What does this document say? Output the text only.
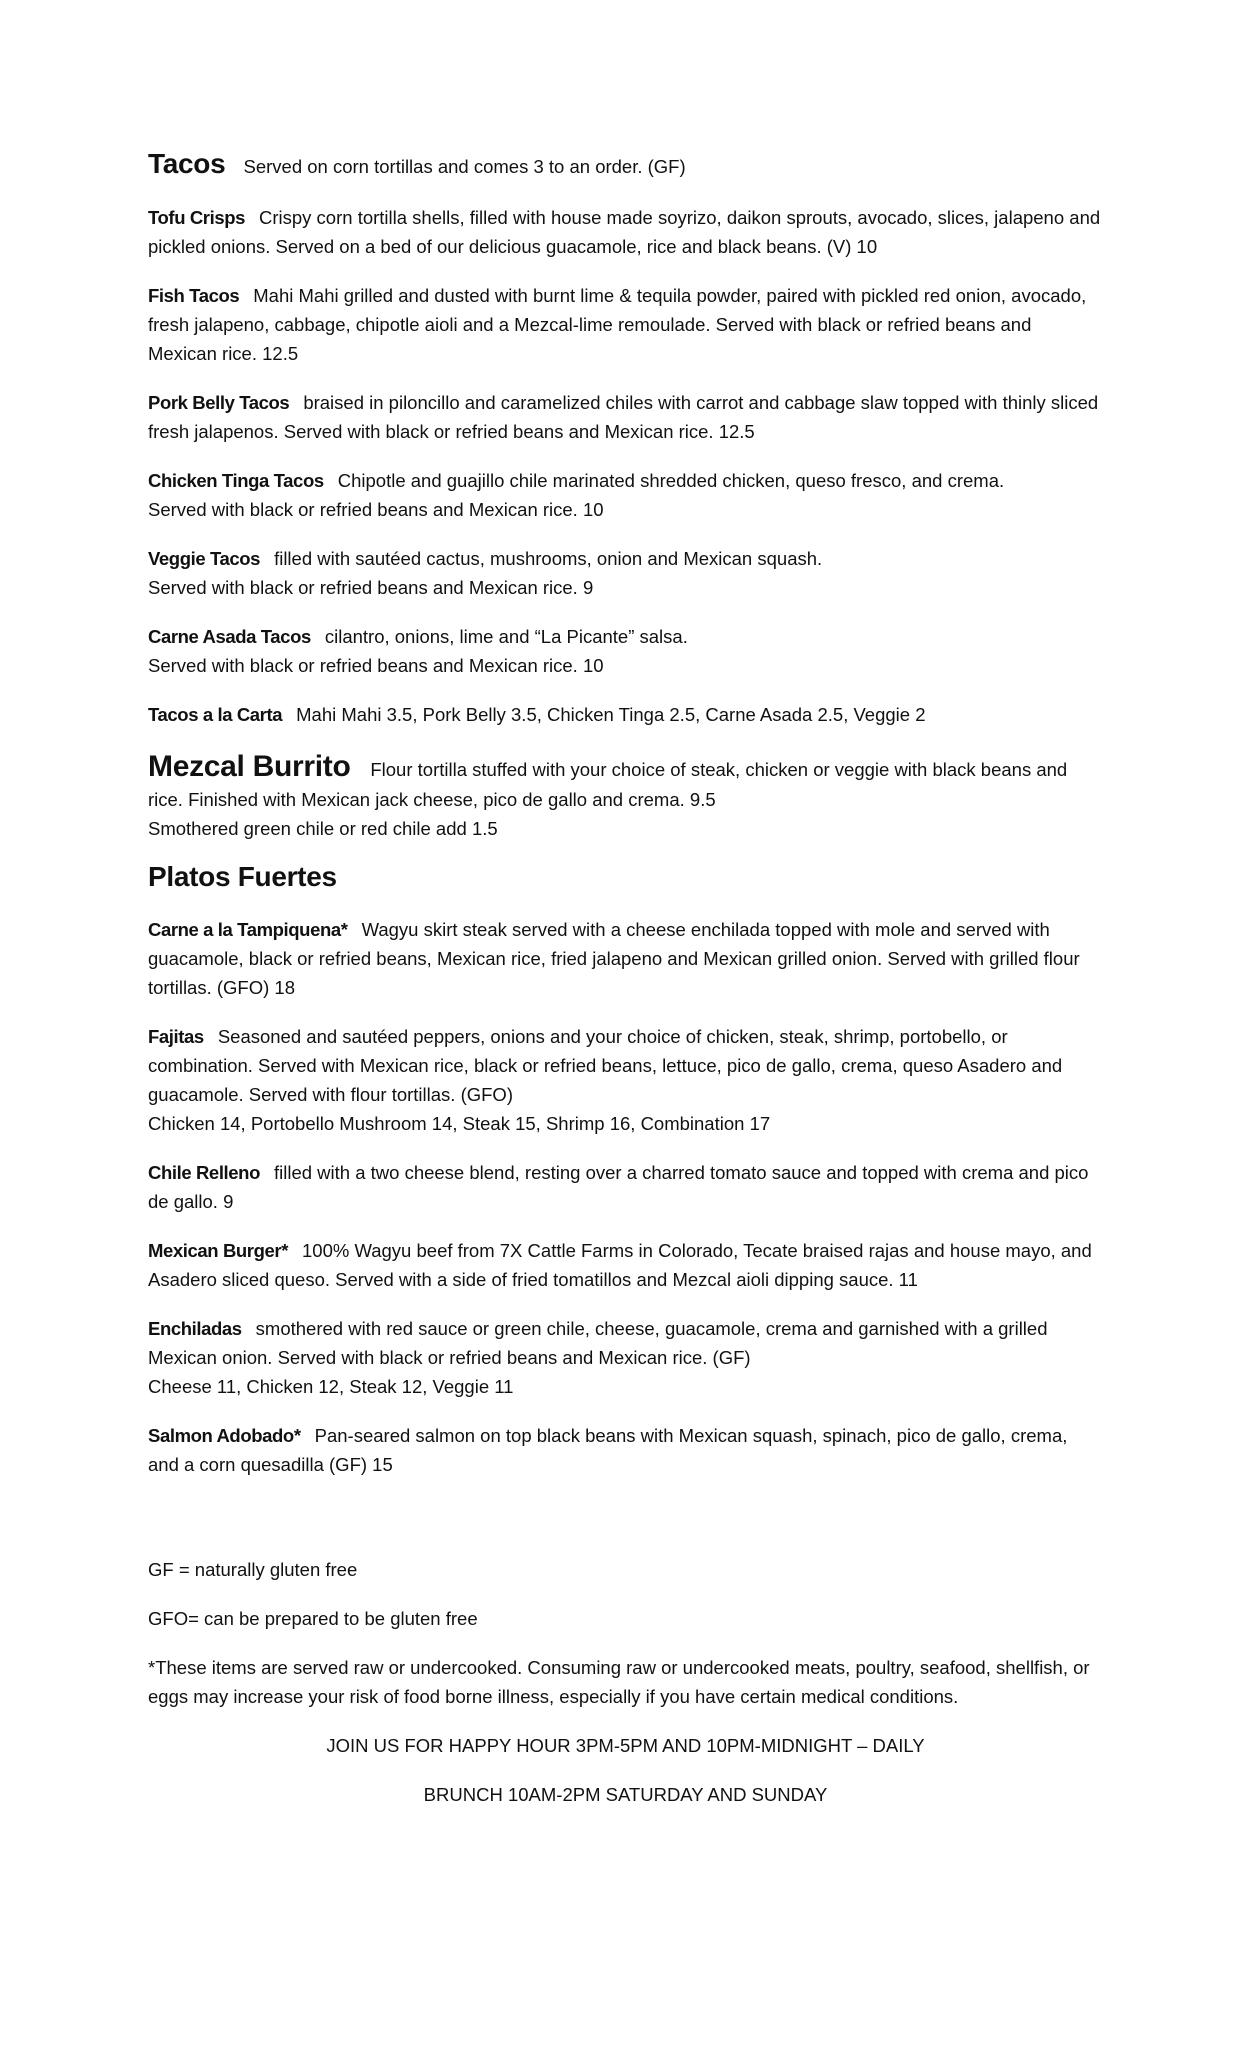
Tacos  Served on corn tortillas and comes 3 to an order. (GF)
Tofu Crisps  Crispy corn tortilla shells, filled with house made soyrizo, daikon sprouts, avocado, slices, jalapeno and pickled onions. Served on a bed of our delicious guacamole, rice and black beans. (V) 10
Fish Tacos  Mahi Mahi grilled and dusted with burnt lime & tequila powder, paired with pickled red onion, avocado, fresh jalapeno, cabbage, chipotle aioli and a Mezcal-lime remoulade. Served with black or refried beans and Mexican rice. 12.5
Pork Belly Tacos  braised in piloncillo and caramelized chiles with carrot and cabbage slaw topped with thinly sliced fresh jalapenos. Served with black or refried beans and Mexican rice. 12.5
Chicken Tinga Tacos  Chipotle and guajillo chile marinated shredded chicken, queso fresco, and crema.
Served with black or refried beans and Mexican rice. 10
Veggie Tacos  filled with sautéed cactus, mushrooms, onion and Mexican squash.
Served with black or refried beans and Mexican rice. 9
Carne Asada Tacos  cilantro, onions, lime and “La Picante” salsa.
Served with black or refried beans and Mexican rice. 10
Tacos a la Carta  Mahi Mahi 3.5, Pork Belly 3.5, Chicken Tinga 2.5, Carne Asada 2.5, Veggie 2
Mezcal Burrito  Flour tortilla stuffed with your choice of steak, chicken or veggie with black beans and rice. Finished with Mexican jack cheese, pico de gallo and crema. 9.5
Smothered green chile or red chile add 1.5
Platos Fuertes
Carne a la Tampiquena*  Wagyu skirt steak served with a cheese enchilada topped with mole and served with guacamole, black or refried beans, Mexican rice, fried jalapeno and Mexican grilled onion. Served with grilled flour tortillas. (GFO) 18
Fajitas  Seasoned and sautéed peppers, onions and your choice of chicken, steak, shrimp, portobello, or combination. Served with Mexican rice, black or refried beans, lettuce, pico de gallo, crema, queso Asadero and guacamole. Served with flour tortillas. (GFO)
Chicken 14, Portobello Mushroom 14, Steak 15, Shrimp 16, Combination 17
Chile Relleno  filled with a two cheese blend, resting over a charred tomato sauce and topped with crema and pico de gallo. 9
Mexican Burger*  100% Wagyu beef from 7X Cattle Farms in Colorado, Tecate braised rajas and house mayo, and Asadero sliced queso. Served with a side of fried tomatillos and Mezcal aioli dipping sauce. 11
Enchiladas  smothered with red sauce or green chile, cheese, guacamole, crema and garnished with a grilled Mexican onion. Served with black or refried beans and Mexican rice. (GF)
Cheese 11, Chicken 12, Steak 12, Veggie 11
Salmon Adobado*  Pan-seared salmon on top black beans with Mexican squash, spinach, pico de gallo, crema, and a corn quesadilla (GF) 15
GF = naturally gluten free
GFO= can be prepared to be gluten free
*These items are served raw or undercooked. Consuming raw or undercooked meats, poultry, seafood, shellfish, or eggs may increase your risk of food borne illness, especially if you have certain medical conditions.
JOIN US FOR HAPPY HOUR 3PM-5PM AND 10PM-MIDNIGHT – DAILY
BRUNCH 10AM-2PM SATURDAY AND SUNDAY
